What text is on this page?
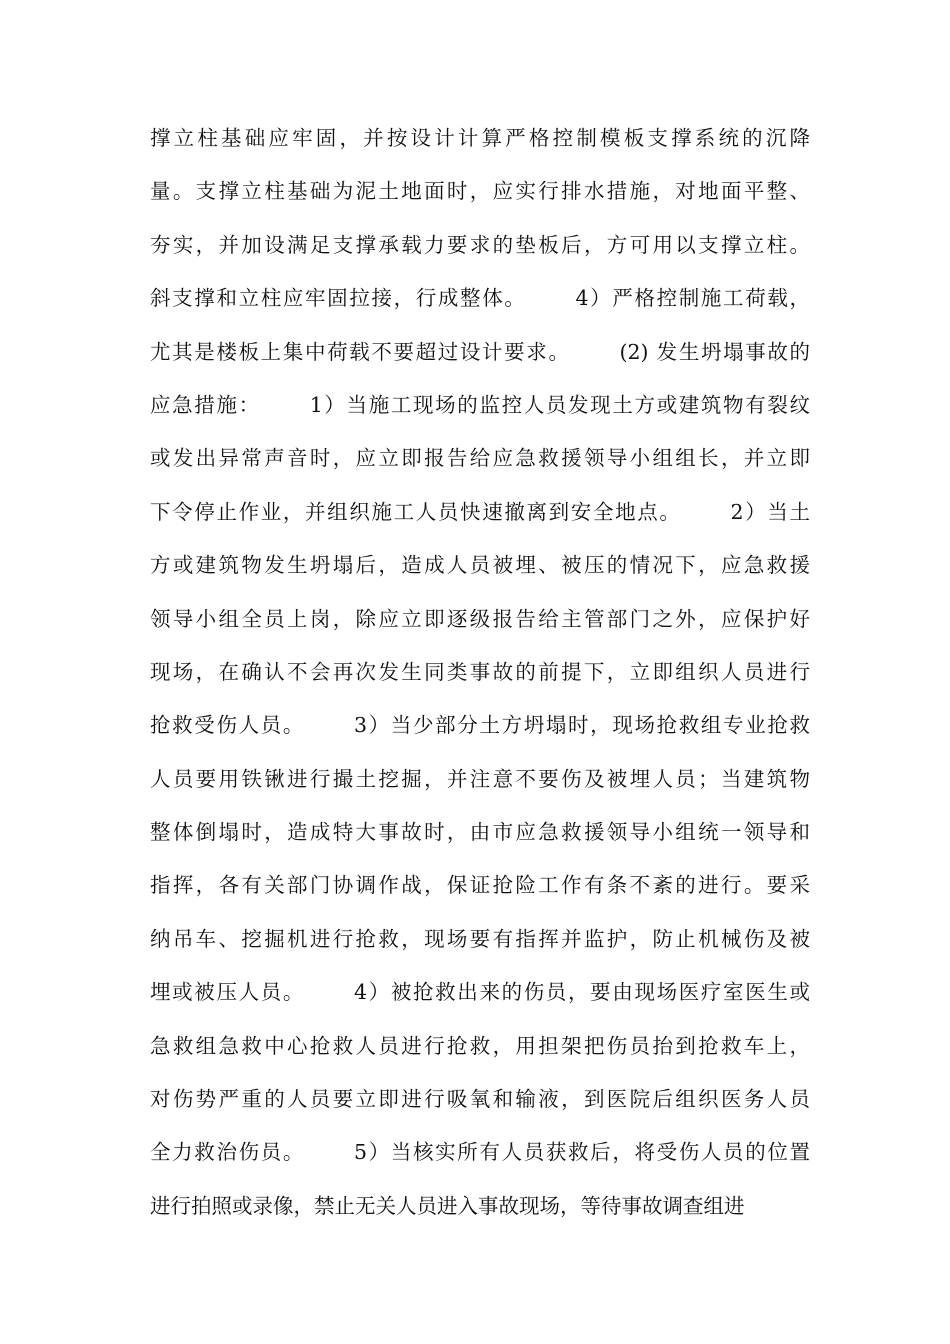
撑立柱基础应牢固，并按设计计算严格控制模板支撑系统的沉降
量。支撑立柱基础为泥土地面时，应实行排水措施，对地面平整、
夯实，并加设满足支撑承载力要求的垫板后，方可用以支撑立柱。
斜支撑和立柱应牢固拉接，行成整体。      4）严格控制施工荷载，
尤其是楼板上集中荷载不要超过设计要求。      (2) 发生坍塌事故的
应急措施：      1）当施工现场的监控人员发现土方或建筑物有裂纹
或发出异常声音时，应立即报告给应急救援领导小组组长，并立即
下令停止作业，并组织施工人员快速撤离到安全地点。      2）当土
方或建筑物发生坍塌后，造成人员被埋、被压的情况下，应急救援
领导小组全员上岗，除应立即逐级报告给主管部门之外，应保护好
现场，在确认不会再次发生同类事故的前提下，立即组织人员进行
抢救受伤人员。      3）当少部分土方坍塌时，现场抢救组专业抢救
人员要用铁锹进行撮土挖掘，并注意不要伤及被埋人员；当建筑物
整体倒塌时，造成特大事故时，由市应急救援领导小组统一领导和
指挥，各有关部门协调作战，保证抢险工作有条不紊的进行。要采
纳吊车、挖掘机进行抢救，现场要有指挥并监护，防止机械伤及被
埋或被压人员。      4）被抢救出来的伤员，要由现场医疗室医生或
急救组急救中心抢救人员进行抢救，用担架把伤员抬到抢救车上，
对伤势严重的人员要立即进行吸氧和输液，到医院后组织医务人员
全力救治伤员。      5）当核实所有人员获救后，将受伤人员的位置
进行拍照或录像，禁止无关人员进入事故现场，等待事故调查组进
